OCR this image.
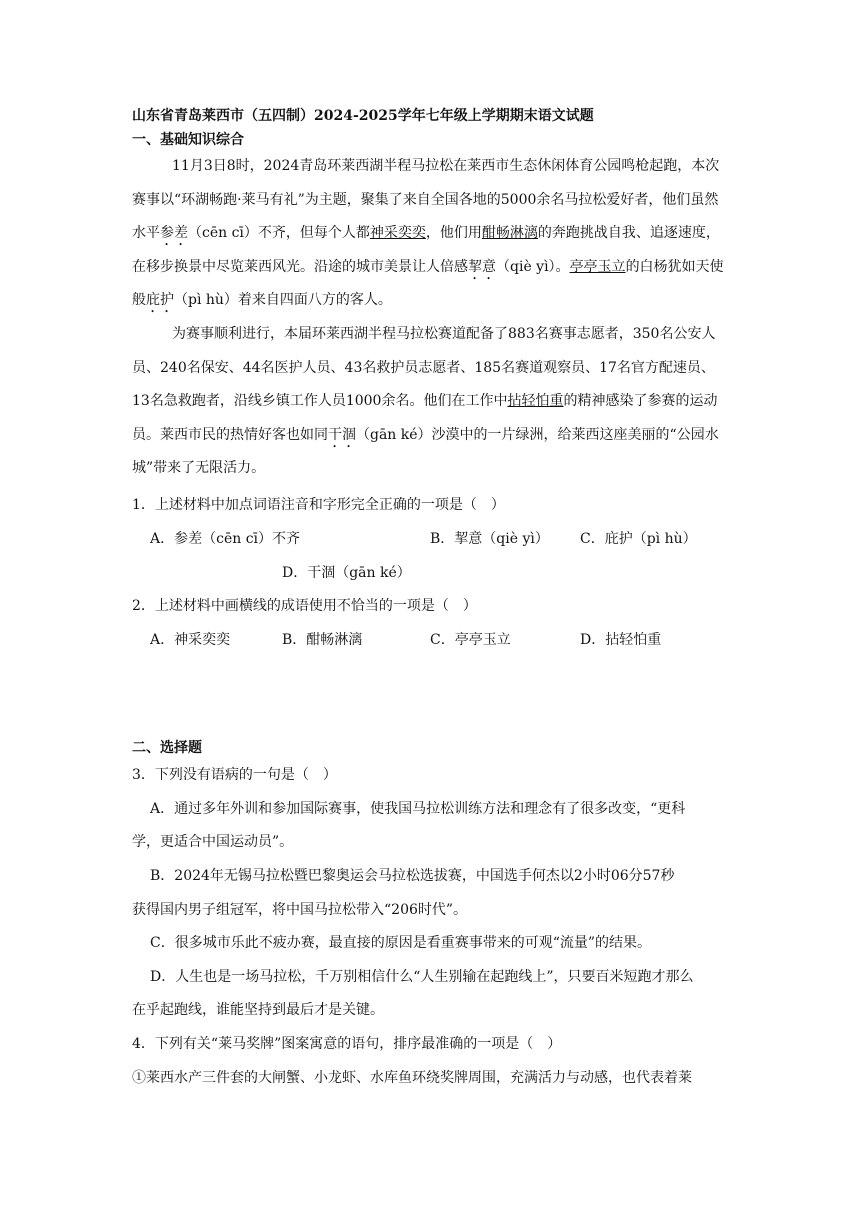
山东省青岛莱西市（五四制）2024-2025学年七年级上学期期末语文试题
一、基础知识综合
11月3日8时，2024青岛环莱西湖半程马拉松在莱西市生态休闲体育公园鸣枪起跑，本次赛事以“环湖畅跑·莱马有礼”为主题，聚集了来自全国各地的5000余名马拉松爱好者，他们虽然水平参差（cēn cī）不齐，但每个人都神采奕奕，他们用酣畅淋漓的奔跑挑战自我、追逐速度，在移步换景中尽览莱西风光。沿途的城市美景让人倍感挈意（qiè yì）。亭亭玉立的白杨犹如天使般庇护（pì hù）着来自四面八方的客人。
为赛事顺利进行，本届环莱西湖半程马拉松赛道配备了883名赛事志愿者，350名公安人员、240名保安、44名医护人员、43名救护员志愿者、185名赛道观察员、17名官方配速员、13名急救跑者，沿线乡镇工作人员1000余名。他们在工作中拈轻怕重的精神感染了参赛的运动员。莱西市民的热情好客也如同干涸（gān ké）沙漠中的一片绿洲，给莱西这座美丽的“公园水城”带来了无限活力。
1．上述材料中加点词语注音和字形完全正确的一项是（　）
A．参差（cēn cī）不齐	B．挈意（qiè yì） C．庇护（pì hù）
D．干涸（gān ké）
2．上述材料中画横线的成语使用不恰当的一项是（　）
A．神采奕奕	B．酣畅淋漓	C．亭亭玉立	D．拈轻怕重
二、选择题
3．下列没有语病的一句是（　）
A．通过多年外训和参加国际赛事，使我国马拉松训练方法和理念有了很多改变，“更科
学，更适合中国运动员”。
B．2024年无锡马拉松暨巴黎奥运会马拉松选拔赛，中国选手何杰以2小时06分57秒
获得国内男子组冠军，将中国马拉松带入“206时代”。
C．很多城市乐此不疲办赛，最直接的原因是看重赛事带来的可观“流量”的结果。
D．人生也是一场马拉松，千万别相信什么“人生别输在起跑线上”，只要百米短跑才那么
在乎起跑线，谁能坚持到最后才是关键。
4．下列有关“莱马奖牌”图案寓意的语句，排序最准确的一项是（　）
①莱西水产三件套的大闸蟹、小龙虾、水库鱼环绕奖牌周围，充满活力与动感，也代表着莱
